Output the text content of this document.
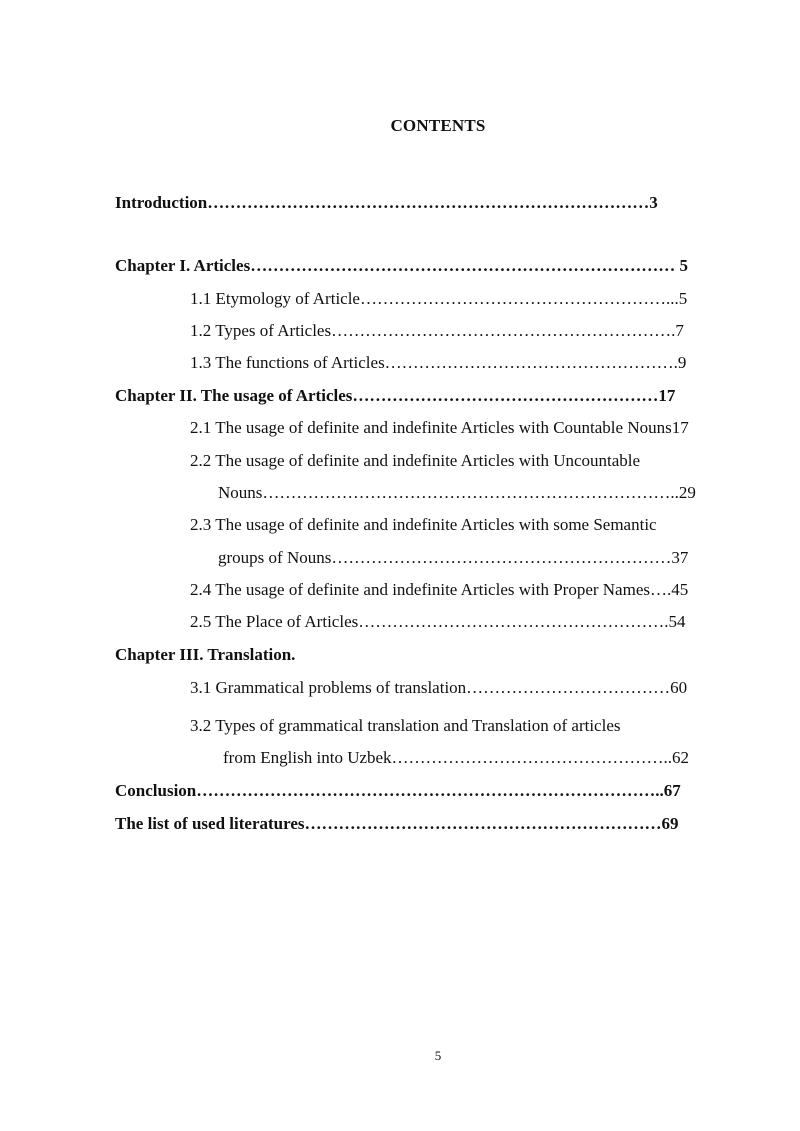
CONTENTS
Introduction……………………………………………………………………3
Chapter I. Articles………………………………………………………………… 5
1.1 Etymology of Article………………………………………………...5
1.2 Types of Articles…………………………………………………….7
1.3 The functions of Articles…………………………………………….9
Chapter II. The usage of Articles………………………………………………17
2.1 The usage of definite and indefinite Articles with Countable Nouns17
2.2 The usage of definite and indefinite Articles with Uncountable
Nouns………………………………………………………………..29
2.3 The usage of definite and indefinite Articles with some Semantic
groups of Nouns……………………………………………………37
2.4 The usage of definite and indefinite Articles with Proper Names….45
2.5 The Place of Articles……………………………………………….54
Chapter III. Translation.
3.1 Grammatical problems of translation………………………………60
3.2 Types of grammatical translation and Translation of articles
from English into Uzbek…………………………………………..62
Conclusion………………………………………………………………………..67
The list of used literatures………………………………………………………69
5
